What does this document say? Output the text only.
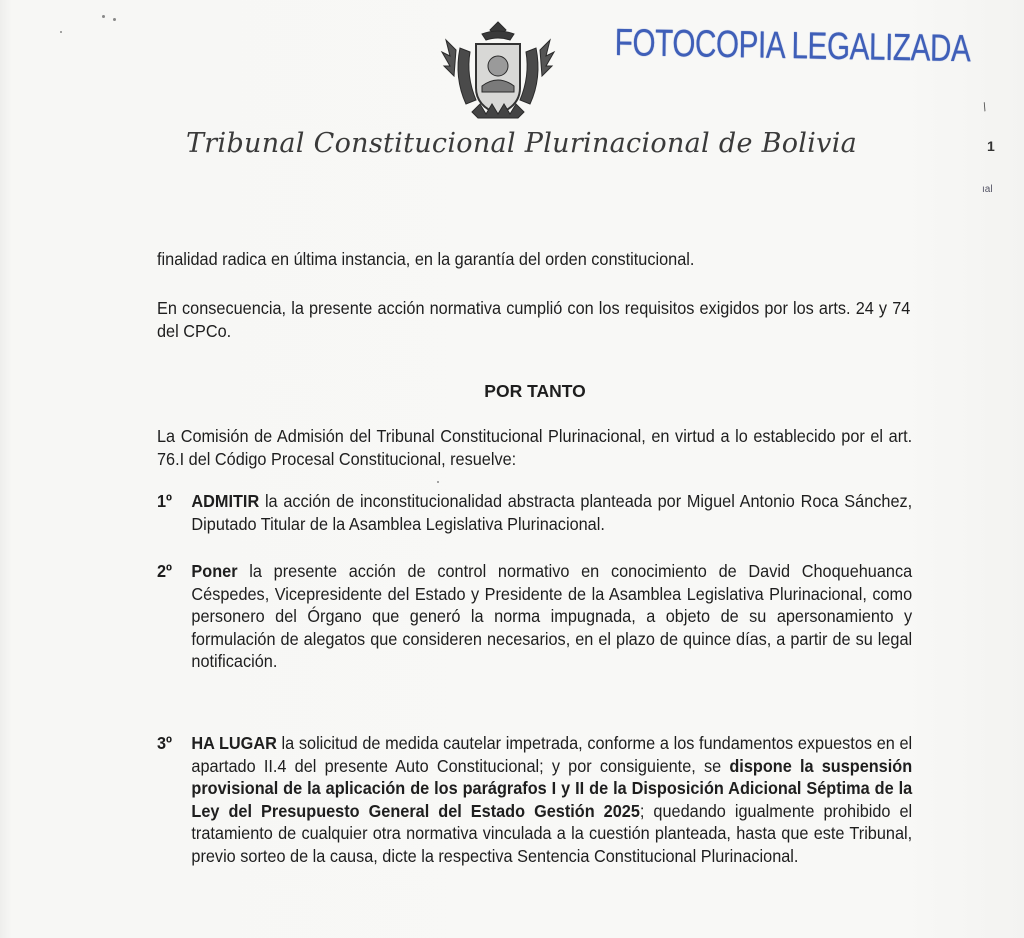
FOTOCOPIA LEGALIZADA
Tribunal Constitucional Plurinacional de Bolivia
/
1
ıal
finalidad radica en última instancia, en la garantía del orden constitucional.
En consecuencia, la presente acción normativa cumplió con los requisitos exigidos por los arts. 24 y 74 del CPCo.
POR TANTO
La Comisión de Admisión del Tribunal Constitucional Plurinacional, en virtud a lo establecido por el art. 76.I del Código Procesal Constitucional, resuelve:
1º ADMITIR la acción de inconstitucionalidad abstracta planteada por Miguel Antonio Roca Sánchez, Diputado Titular de la Asamblea Legislativa Plurinacional.
2º Poner la presente acción de control normativo en conocimiento de David Choquehuanca Céspedes, Vicepresidente del Estado y Presidente de la Asamblea Legislativa Plurinacional, como personero del Órgano que generó la norma impugnada, a objeto de su apersonamiento y formulación de alegatos que consideren necesarios, en el plazo de quince días, a partir de su legal notificación.
3º HA LUGAR la solicitud de medida cautelar impetrada, conforme a los fundamentos expuestos en el apartado II.4 del presente Auto Constitucional; y por consiguiente, se dispone la suspensión provisional de la aplicación de los parágrafos I y II de la Disposición Adicional Séptima de la Ley del Presupuesto General del Estado Gestión 2025; quedando igualmente prohibido el tratamiento de cualquier otra normativa vinculada a la cuestión planteada, hasta que este Tribunal, previo sorteo de la causa, dicte la respectiva Sentencia Constitucional Plurinacional.
